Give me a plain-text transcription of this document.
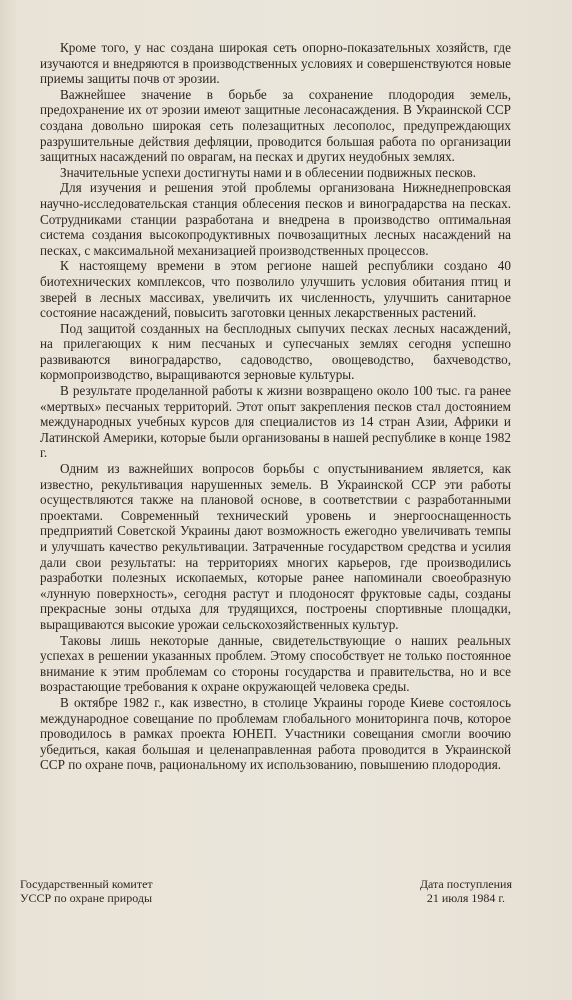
Кроме того, у нас создана широкая сеть опорно-показательных хозяйств, где изучаются и внедряются в производственных условиях и совершенствуются новые приемы защиты почв от эрозии.

Важнейшее значение в борьбе за сохранение плодородия земель, предохранение их от эрозии имеют защитные лесонасаждения. В Украинской ССР создана довольно широкая сеть полезащитных лесополос, предупреждающих разрушительные действия дефляции, проводится большая работа по организации защитных насаждений по оврагам, на песках и других неудобных землях.

Значительные успехи достигнуты нами и в облесении подвижных песков.

Для изучения и решения этой проблемы организована Нижнеднепровская научно-исследовательская станция облесения песков и виноградарства на песках. Сотрудниками станции разработана и внедрена в производство оптимальная система создания высокопродуктивных почвозащитных лесных насаждений на песках, с максимальной механизацией производственных процессов.

К настоящему времени в этом регионе нашей республики создано 40 биотехнических комплексов, что позволило улучшить условия обитания птиц и зверей в лесных массивах, увеличить их численность, улучшить санитарное состояние насаждений, повысить заготовки ценных лекарственных растений.

Под защитой созданных на бесплодных сыпучих песках лесных насаждений, на прилегающих к ним песчаных и супесчаных землях сегодня успешно развиваются виноградарство, садоводство, овощеводство, бахчеводство, кормопроизводство, выращиваются зерновые культуры.

В результате проделанной работы к жизни возвращено около 100 тыс. га ранее «мертвых» песчаных территорий. Этот опыт закрепления песков стал достоянием международных учебных курсов для специалистов из 14 стран Азии, Африки и Латинской Америки, которые были организованы в нашей республике в конце 1982 г.

Одним из важнейших вопросов борьбы с опустыниванием является, как известно, рекультивация нарушенных земель. В Украинской ССР эти работы осуществляются также на плановой основе, в соответствии с разработанными проектами. Современный технический уровень и энергооснащенность предприятий Советской Украины дают возможность ежегодно увеличивать темпы и улучшать качество рекультивации. Затраченные государством средства и усилия дали свои результаты: на территориях многих карьеров, где производились разработки полезных ископаемых, которые ранее напоминали своеобразную «лунную поверхность», сегодня растут и плодоносят фруктовые сады, созданы прекрасные зоны отдыха для трудящихся, построены спортивные площадки, выращиваются высокие урожаи сельскохозяйственных культур.

Таковы лишь некоторые данные, свидетельствующие о наших реальных успехах в решении указанных проблем. Этому способствует не только постоянное внимание к этим проблемам со стороны государства и правительства, но и все возрастающие требования к охране окружающей человека среды.

В октябре 1982 г., как известно, в столице Украины городе Киеве состоялось международное совещание по проблемам глобального мониторинга почв, которое проводилось в рамках проекта ЮНЕП. Участники совещания смогли воочию убедиться, какая большая и целенаправленная работа проводится в Украинской ССР по охране почв, рациональному их использованию, повышению плодородия.

Государственный комитет
УССР по охране природы
Дата поступления
21 июля 1984 г.
